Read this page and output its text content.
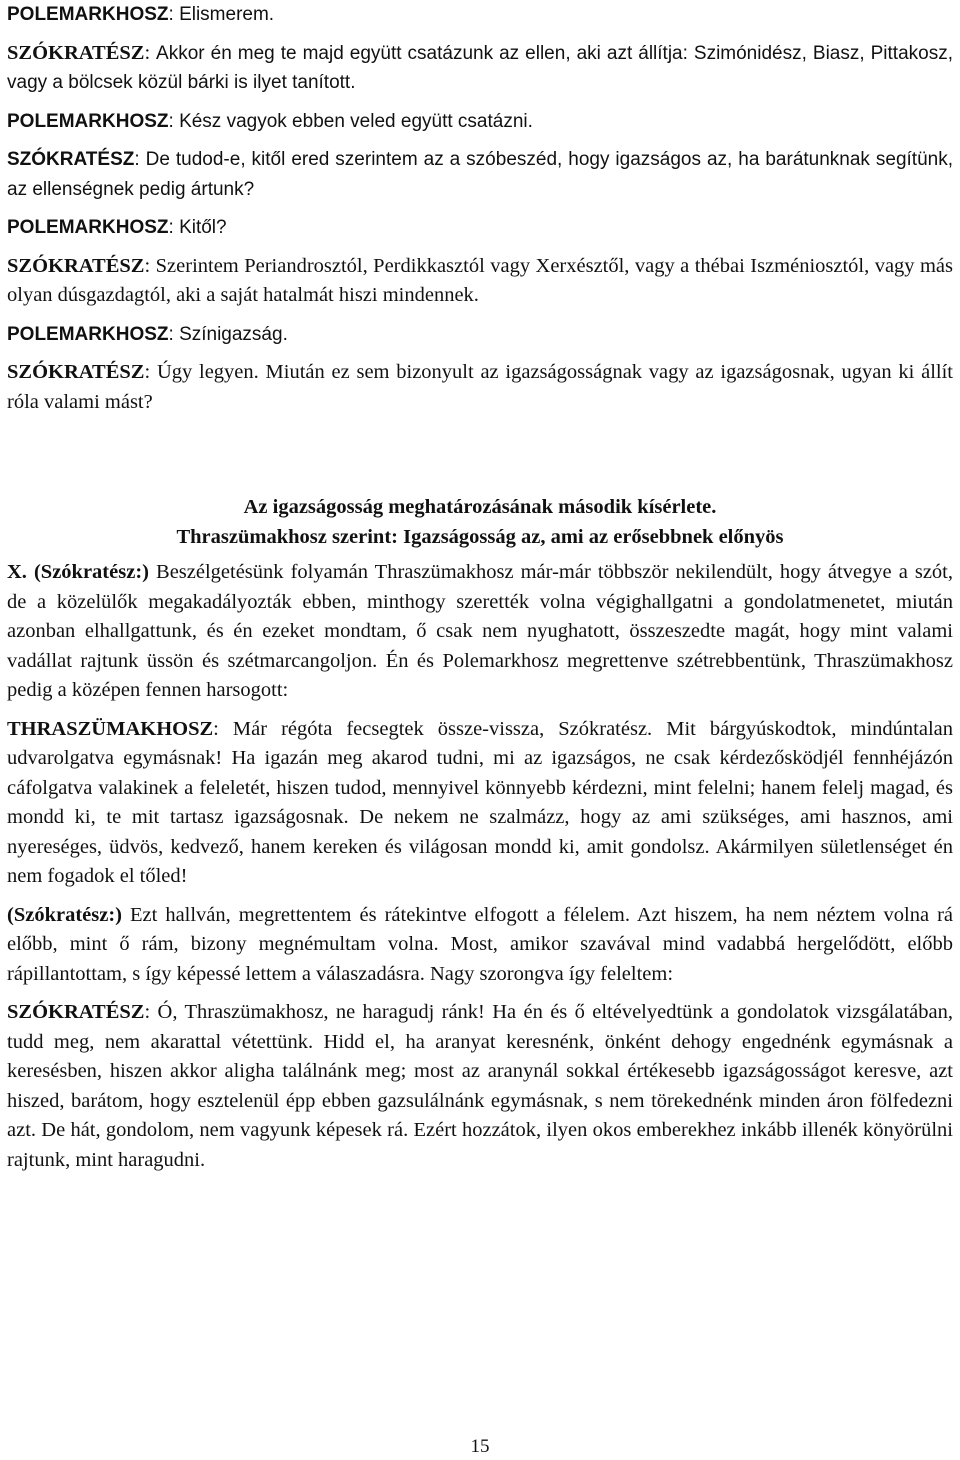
POLEMARKHOSZ: Elismerem.

SZÓKRATÉSZ: Akkor én meg te majd együtt csatázunk az ellen, aki azt állítja: Szimónidész, Biasz, Pittakosz, vagy a bölcsek közül bárki is ilyet tanított.

POLEMARKHOSZ: Kész vagyok ebben veled együtt csatázni.

SZÓKRATÉSZ: De tudod-e, kitől ered szerintem az a szóbeszéd, hogy igazságos az, ha barátunknak segítünk, az ellenségnek pedig ártunk?

POLEMARKHOSZ: Kitől?

SZÓKRATÉSZ: Szerintem Periandrosztól, Perdikkasztól vagy Xerxésztől, vagy a thébai Iszméniosztól, vagy más olyan dúsgazdagtól, aki a saját hatalmát hiszi mindennek.

POLEMARKHOSZ: Színigazság.

SZÓKRATÉSZ: Úgy legyen. Miután ez sem bizonyult az igazságosságnak vagy az igazságosnak, ugyan ki állít róla valami mást?

Az igazságosság meghatározásának második kísérlete.

Thraszümakhosz szerint: Igazságosság az, ami az erősebbnek előnyös

X. (Szókratész:) Beszélgetésünk folyamán Thraszümakhosz már-már többször nekilendült, hogy átvegye a szót, de a közelülők megakadályozták ebben, minthogy szerették volna végighallgatni a gondolatmenetet, miután azonban elhallgattunk, és én ezeket mondtam, ő csak nem nyughatott, összeszedte magát, hogy mint valami vadállat rajtunk üssön és szétmarcangoljon. Én és Polemarkhosz megrettenve szétrebbentünk, Thraszümakhosz pedig a középen fennen harsogott:

THRASZÜMAKHOSZ: Már régóta fecsegtek össze-vissza, Szókratész. Mit bárgyúskodtok, mindúntalan udvarolgatva egymásnak! Ha igazán meg akarod tudni, mi az igazságos, ne csak kérdezősködjél fennhéjázón cáfolgatva valakinek a feleletét, hiszen tudod, mennyivel könnyebb kérdezni, mint felelni; hanem felelj magad, és mondd ki, te mit tartasz igazságosnak. De nekem ne szalmázz, hogy az ami szükséges, ami hasznos, ami nyereséges, üdvös, kedvező, hanem kereken és világosan mondd ki, amit gondolsz. Akármilyen sületlenséget én nem fogadok el tőled!

(Szókratész:) Ezt hallván, megrettentem és rátekintve elfogott a félelem. Azt hiszem, ha nem néztem volna rá előbb, mint ő rám, bizony megnémultam volna. Most, amikor szavával mind vadabbá hergelődött, előbb rápillantottam, s így képessé lettem a válaszadásra. Nagy szorongva így feleltem:

SZÓKRATÉSZ: Ó, Thraszümakhosz, ne haragudj ránk! Ha én és ő eltévelyedtünk a gondolatok vizsgálatában, tudd meg, nem akarattal vétettünk. Hidd el, ha aranyat keresnénk, önként dehogy engednénk egymásnak a keresésben, hiszen akkor aligha találnánk meg; most az aranynál sokkal értékesebb igazságosságot keresve, azt hiszed, barátom, hogy esztelenül épp ebben gazsulálnánk egymásnak, s nem törekednénk minden áron fölfedezni azt. De hát, gondolom, nem vagyunk képesek rá. Ezért hozzátok, ilyen okos emberekhez inkább illenék könyörülni rajtunk, mint haragudni.

15
